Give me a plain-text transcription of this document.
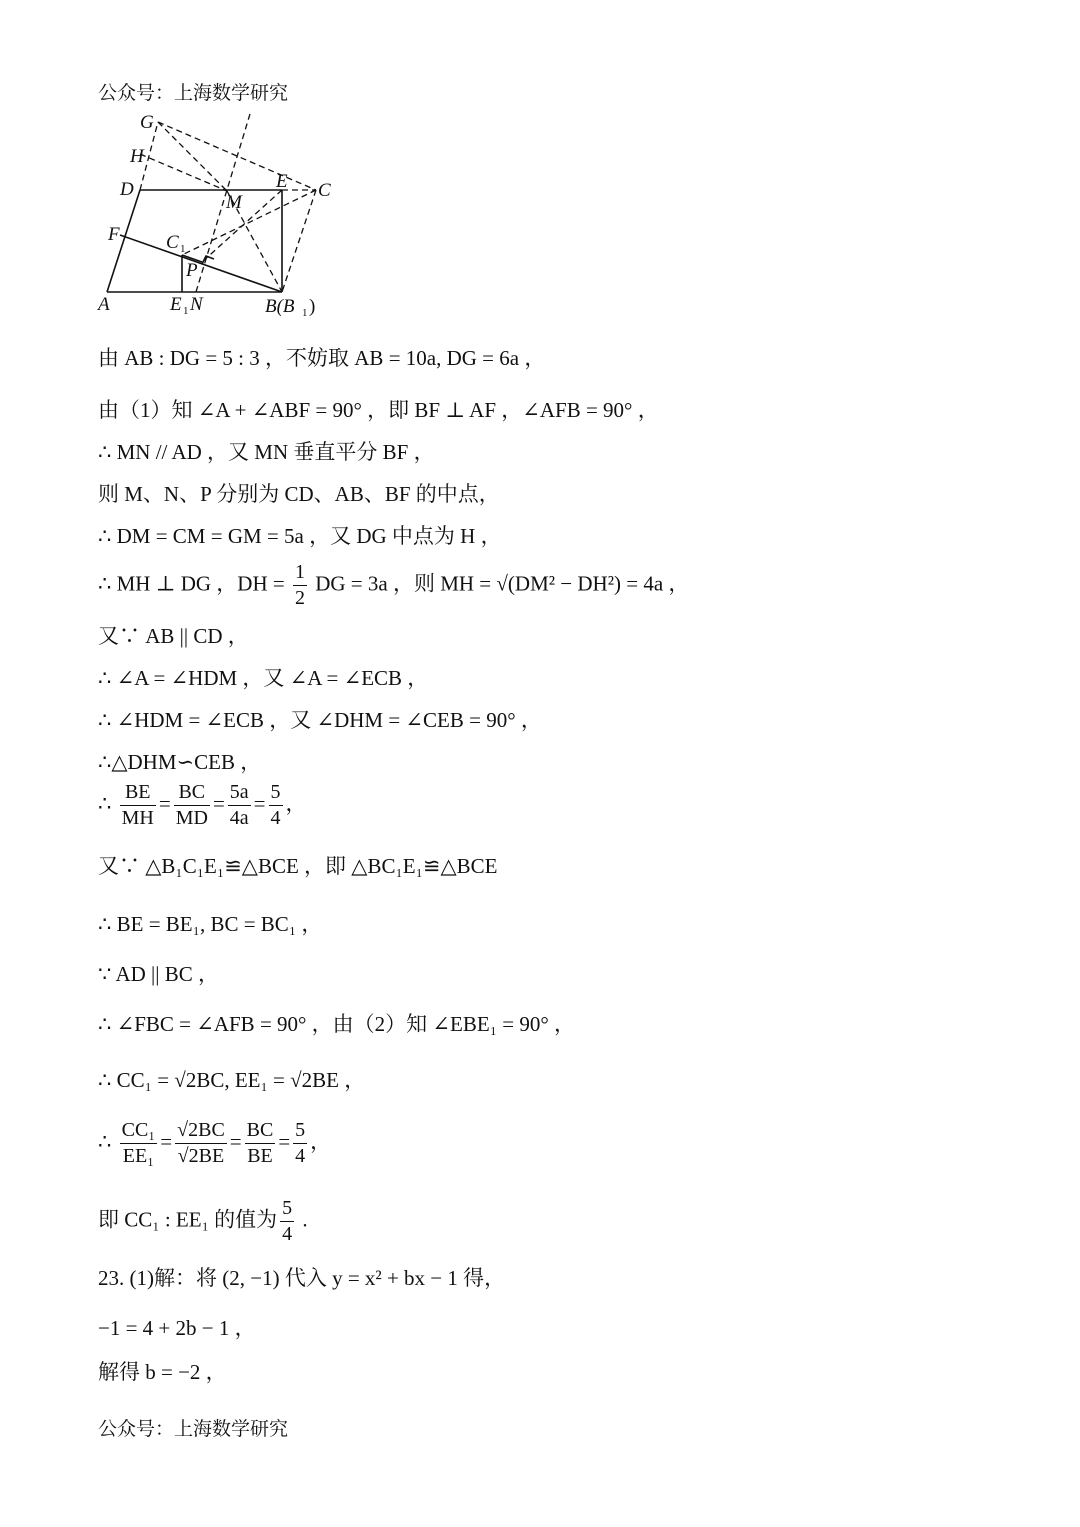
公众号：上海数学研究
G
H
D	E C
M
F C 1
P
A	E 1 N	B(B 1 )
由 AB : DG = 5 : 3 ，不妨取 AB = 10a, DG = 6a ，
由（1）知 ∠A + ∠ABF = 90° ，即 BF ⊥ AF ，∠AFB = 90° ，
∴ MN // AD ，又 MN 垂直平分 BF ，
则 M、N、P 分别为 CD、AB、BF 的中点，
∴ DM = CM = GM = 5a ，又 DG 中点为 H ，
∴ MH ⊥ DG ，DH = $\frac{1}{2}$ DG = 3a ，则 MH = √(DM² − DH²) = 4a ，
又∵ AB || CD ，
∴ ∠A = ∠HDM ，又 ∠A = ∠ECB ，
∴ ∠HDM = ∠ECB ，又 ∠DHM = ∠CEB = 90° ，
∴△DHM∽CEB ，
∴ $\frac{BE}{MH} = \frac{BC}{MD} = \frac{5a}{4a} = \frac{5}{4}$ ，
又∵ △B₁C₁E₁≌△BCE ，即 △BC₁E₁≌△BCE
∴ BE = BE₁, BC = BC₁ ，
∵ AD || BC ，
∴ ∠FBC = ∠AFB = 90° ，由（2）知 ∠EBE₁ = 90° ，
∴ CC₁ = √2BC, EE₁ = √2BE ，
∴ $\frac{\text{CC₁}}{\text{EE₁}} = \frac{√2BC}{√2BE} = \frac{BC}{BE} = \frac{5}{4}$ ，
即 CC₁ : EE₁ 的值为 $\frac{5}{4}$ .
23. (1)解：将 (2, −1) 代入 y = x² + bx − 1 得，
−1 = 4 + 2b − 1 ，
解得 b = −2 ，
公众号：上海数学研究
